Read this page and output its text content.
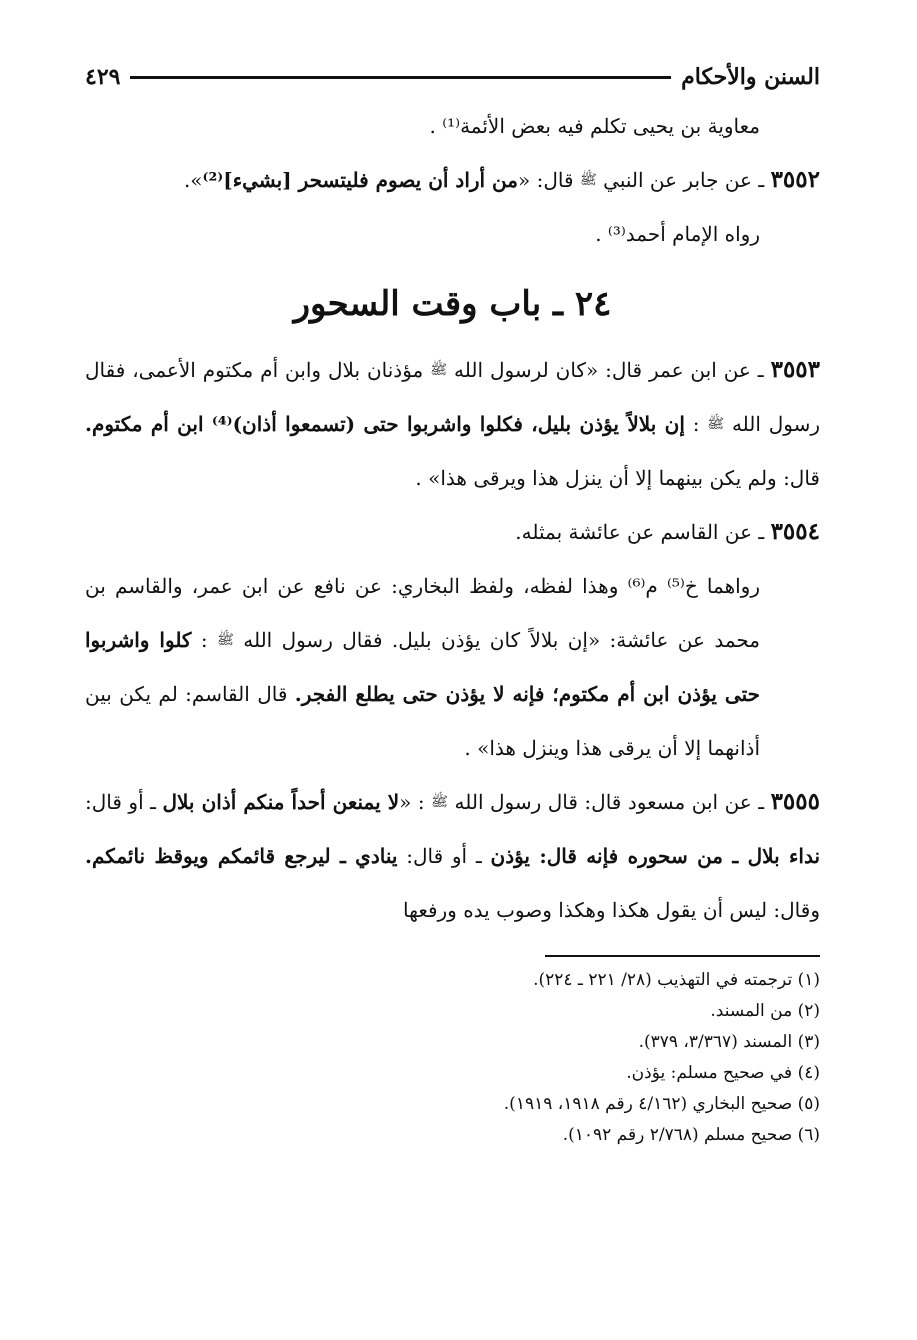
السنن والأحكام
٤٢٩

معاوية بن يحيى تكلم فيه بعض الأئمة⁽¹⁾ .

٣٥٥٢ ـ عن جابر عن النبي ﷺ قال: «من أراد أن يصوم فليتسحر [بشيء]⁽²⁾».

رواه الإمام أحمد⁽³⁾ .

٢٤ ـ باب وقت السحور

٣٥٥٣ ـ عن ابن عمر قال: «كان لرسول الله ﷺ مؤذنان بلال وابن أم مكتوم الأعمى، فقال رسول الله ﷺ : إن بلالاً يؤذن بليل، فكلوا واشربوا حتى (تسمعوا أذان)⁽⁴⁾ ابن أم مكتوم. قال: ولم يكن بينهما إلا أن ينزل هذا ويرقى هذا» .

٣٥٥٤ ـ عن القاسم عن عائشة بمثله.

رواهما خ⁽⁵⁾ م⁽⁶⁾ وهذا لفظه، ولفظ البخاري: عن نافع عن ابن عمر، والقاسم بن محمد عن عائشة: «إن بلالاً كان يؤذن بليل. فقال رسول الله ﷺ : كلوا واشربوا حتى يؤذن ابن أم مكتوم؛ فإنه لا يؤذن حتى يطلع الفجر. قال القاسم: لم يكن بين أذانهما إلا أن يرقى هذا وينزل هذا» .

٣٥٥٥ ـ عن ابن مسعود قال: قال رسول الله ﷺ : «لا يمنعن أحداً منكم أذان بلال ـ أو قال: نداء بلال ـ من سحوره فإنه قال: يؤذن ـ أو قال: ينادي ـ ليرجع قائمكم ويوقظ نائمكم. وقال: ليس أن يقول هكذا وهكذا وصوب يده ورفعها

(١) ترجمته في التهذيب (٢٨/ ٢٢١ ـ ٢٢٤).
(٢) من المسند.
(٣) المسند (٣/٣٦٧، ٣٧٩).
(٤) في صحيح مسلم: يؤذن.
(٥) صحيح البخاري (٤/١٦٢ رقم ١٩١٨، ١٩١٩).
(٦) صحيح مسلم (٢/٧٦٨ رقم ١٠٩٢).
